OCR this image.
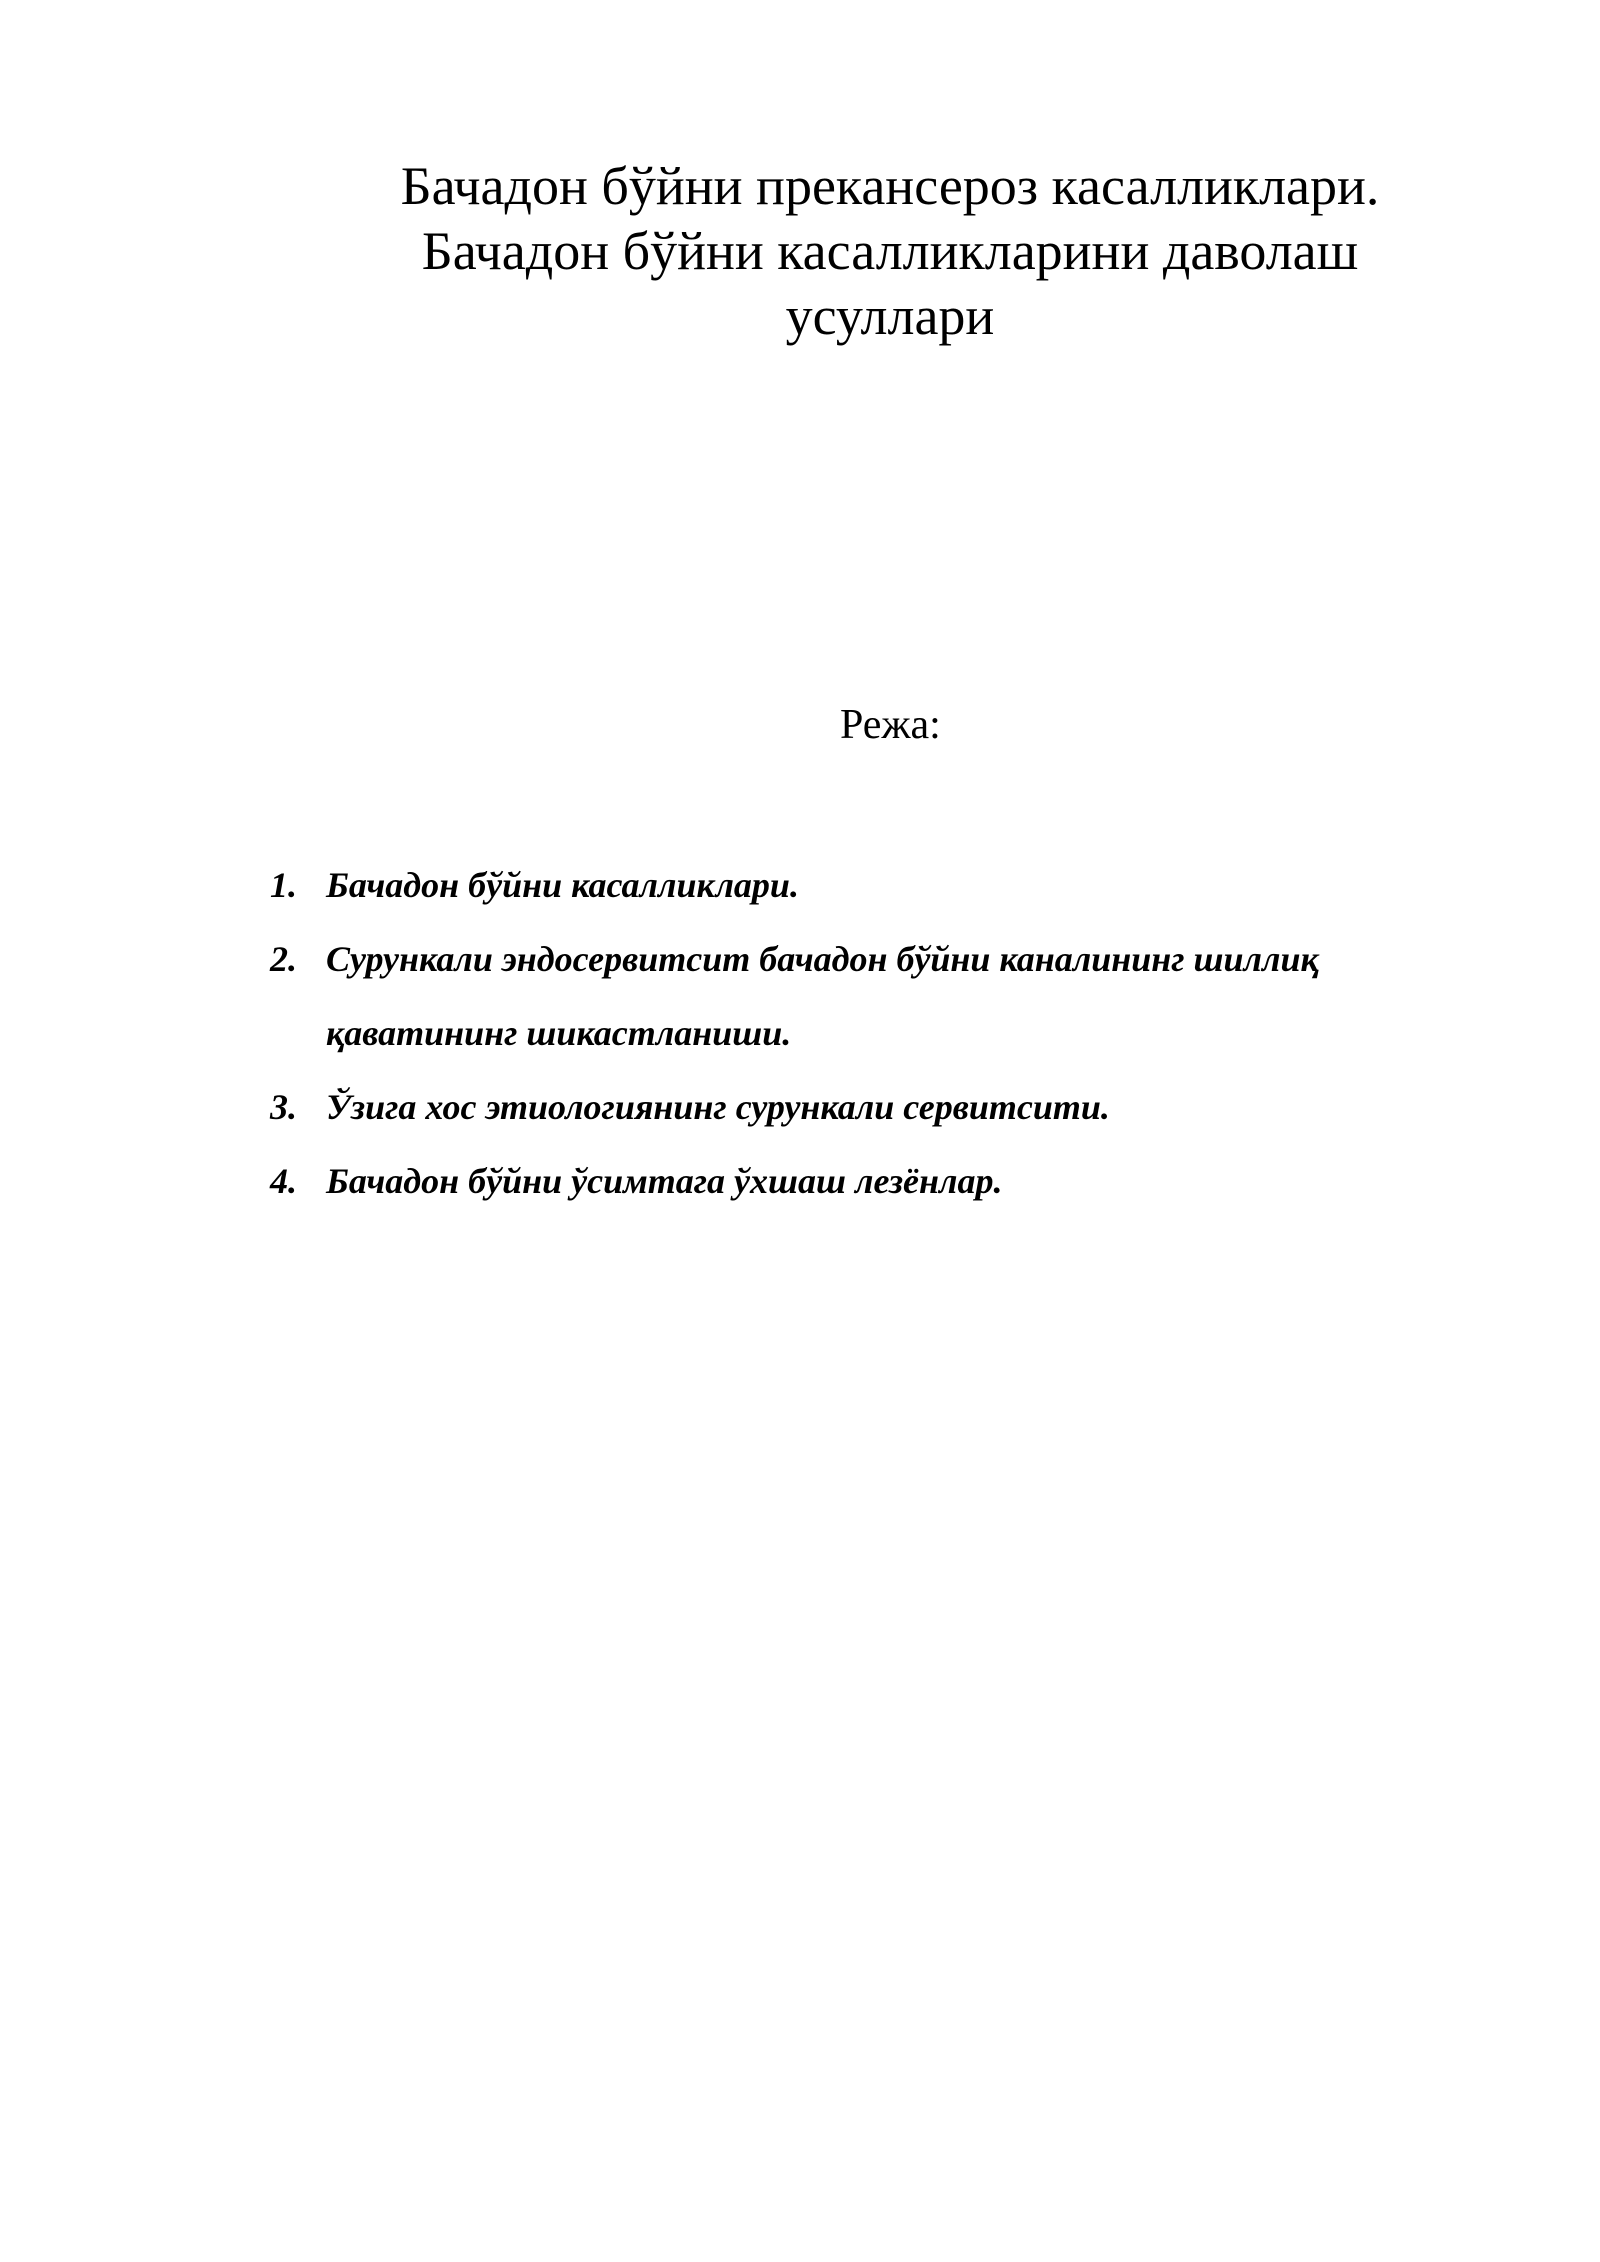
Бачадон бўйни прекансероз касалликлари.
Бачадон бўйни касалликларини даволаш
усуллари
Режа:
1. Бачадон бўйни касалликлари.
2. Сурункали эндосервитсит бачадон бўйни каналининг шиллиқ қаватининг шикастланиши.
3. Ўзига хос этиологиянинг сурункали сервитсити.
4. Бачадон бўйни ўсимтага ўхшаш лезёнлар.
